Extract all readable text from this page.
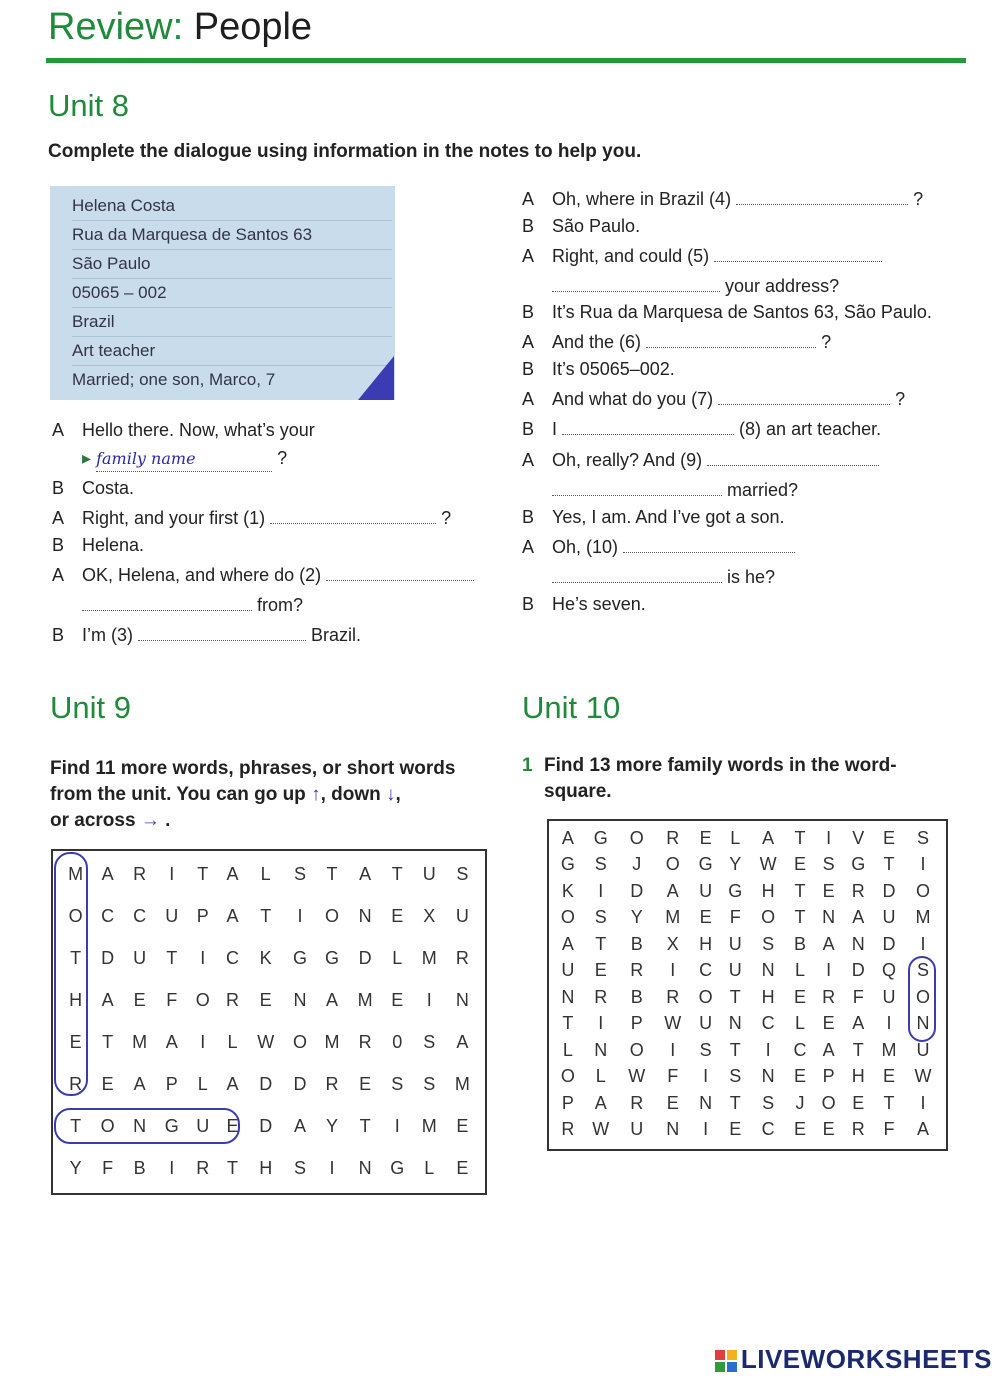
Review: People
Unit 8
Complete the dialogue using information in the notes to help you.
Helena Costa
Rua da Marquesa de Santos 63
São Paulo
05065 – 002
Brazil
Art teacher
Married; one son, Marco, 7
A Hello there. Now, what’s your
▸ family name	?
B Costa.
A Right, and your first (1)	?
B Helena.
A OK, Helena, and where do (2)
from?
B I’m (3)	Brazil.
A Oh, where in Brazil (4)	?
B São Paulo.
A Right, and could (5)
your address?
B It’s Rua da Marquesa de Santos 63, São Paulo.
A And the (6)	?
B It’s 05065–002.
A And what do you (7)	?
B I	(8) an art teacher.
A Oh, really? And (9)
married?
B Yes, I am. And I’ve got a son.
A Oh, (10)
is he?
B He’s seven.
Unit 9
Find 11 more words, phrases, or short words
from the unit. You can go up ↑, down ↓,
or across → .
M	A	R	I	T	A	L	S	T	A	T	U	S
O	C	C	U	P	A	T	I	O	N	E	X	U
T	D	U	T	I	C	K	G	G	D	L	M	R
H	A	E	F	O	R	E	N	A	M	E	I	N
E	T	M	A	I	L	W	O	M	R	0	S	A
R	E	A	P	L	A	D	D	R	E	S	S	M
T	O	N	G	U	E	D	A	Y	T	I	M	E
Y	F	B	I	R	T	H	S	I	N	G	L	E
Unit 10
1 Find 13 more family words in the word-
square.
A	G	O	R	E	L	A	T	I	V	E	S
G	S	J	O	G	Y	W	E	S	G	T	I
K	I	D	A	U	G	H	T	E	R	D	O
O	S	Y	M	E	F	O	T	N	A	U	M
A	T	B	X	H	U	S	B	A	N	D	I
U	E	R	I	C	U	N	L	I	D	Q	S
N	R	B	R	O	T	H	E	R	F	U	O
T	I	P	W	U	N	C	L	E	A	I	N
L	N	O	I	S	T	I	C	A	T	M	U
O	L	W	F	I	S	N	E	P	H	E	W
P	A	R	E	N	T	S	J	O	E	T	I
R	W	U	N	I	E	C	E	E	R	F	A
LIVEWORKSHEETS
